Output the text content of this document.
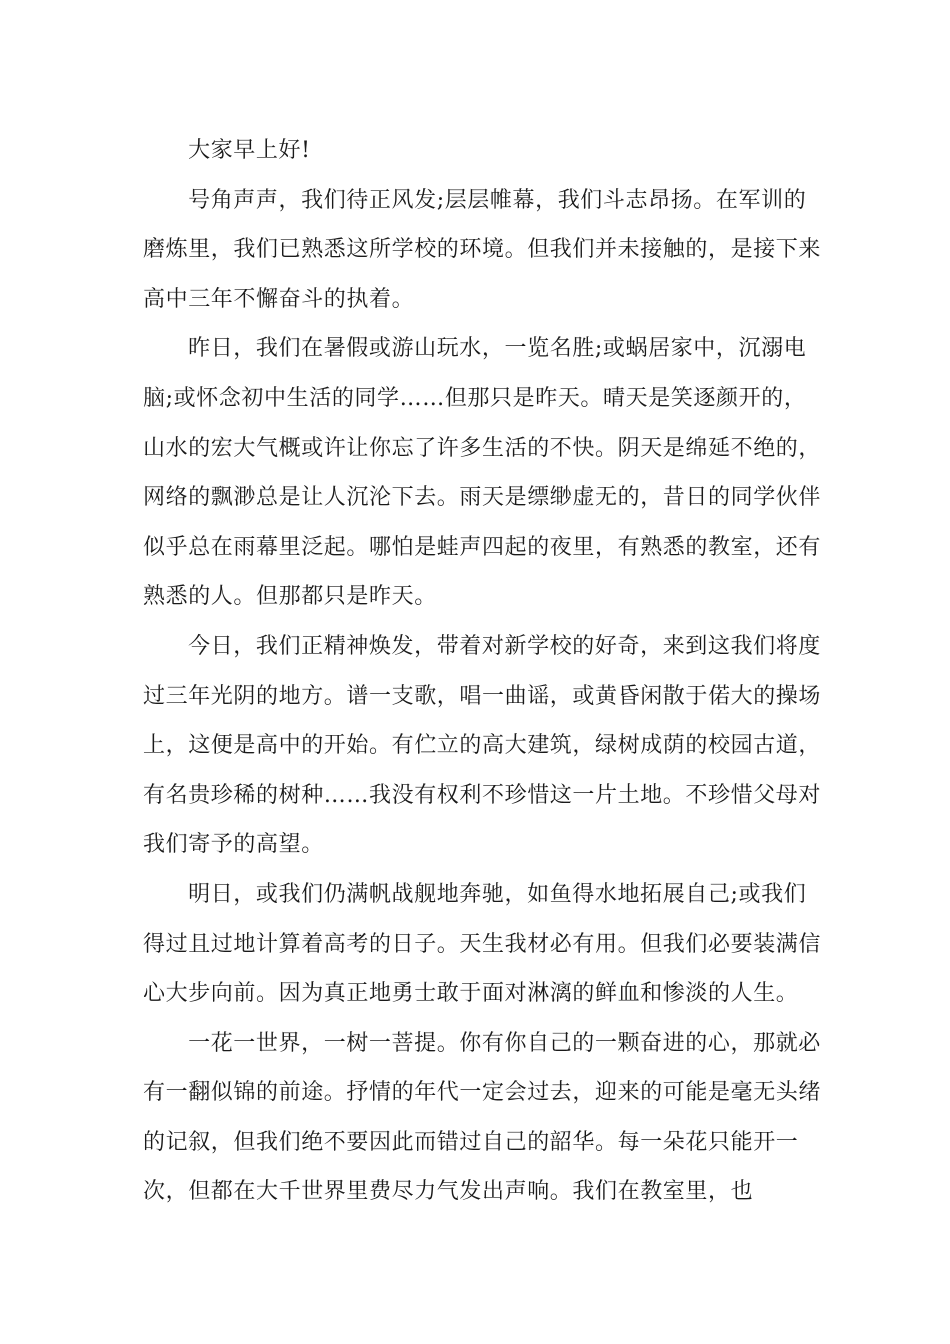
大家早上好!

号角声声，我们待正风发;层层帷幕，我们斗志昂扬。在军训的磨炼里，我们已熟悉这所学校的环境。但我们并未接触的，是接下来高中三年不懈奋斗的执着。

昨日，我们在暑假或游山玩水，一览名胜;或蜗居家中，沉溺电脑;或怀念初中生活的同学……但那只是昨天。晴天是笑逐颜开的，山水的宏大气概或许让你忘了许多生活的不快。阴天是绵延不绝的，网络的飘渺总是让人沉沦下去。雨天是缥缈虚无的，昔日的同学伙伴似乎总在雨幕里泛起。哪怕是蛙声四起的夜里，有熟悉的教室，还有熟悉的人。但那都只是昨天。

今日，我们正精神焕发，带着对新学校的好奇，来到这我们将度过三年光阴的地方。谱一支歌，唱一曲谣，或黄昏闲散于偌大的操场上，这便是高中的开始。有伫立的高大建筑，绿树成荫的校园古道，有名贵珍稀的树种……我没有权利不珍惜这一片土地。不珍惜父母对我们寄予的高望。

明日，或我们仍满帆战舰地奔驰，如鱼得水地拓展自己;或我们得过且过地计算着高考的日子。天生我材必有用。但我们必要装满信心大步向前。因为真正地勇士敢于面对淋漓的鲜血和惨淡的人生。

一花一世界，一树一菩提。你有你自己的一颗奋进的心，那就必有一翻似锦的前途。抒情的年代一定会过去，迎来的可能是毫无头绪的记叙，但我们绝不要因此而错过自己的韶华。每一朵花只能开一次，但都在大千世界里费尽力气发出声响。我们在教室里，也
